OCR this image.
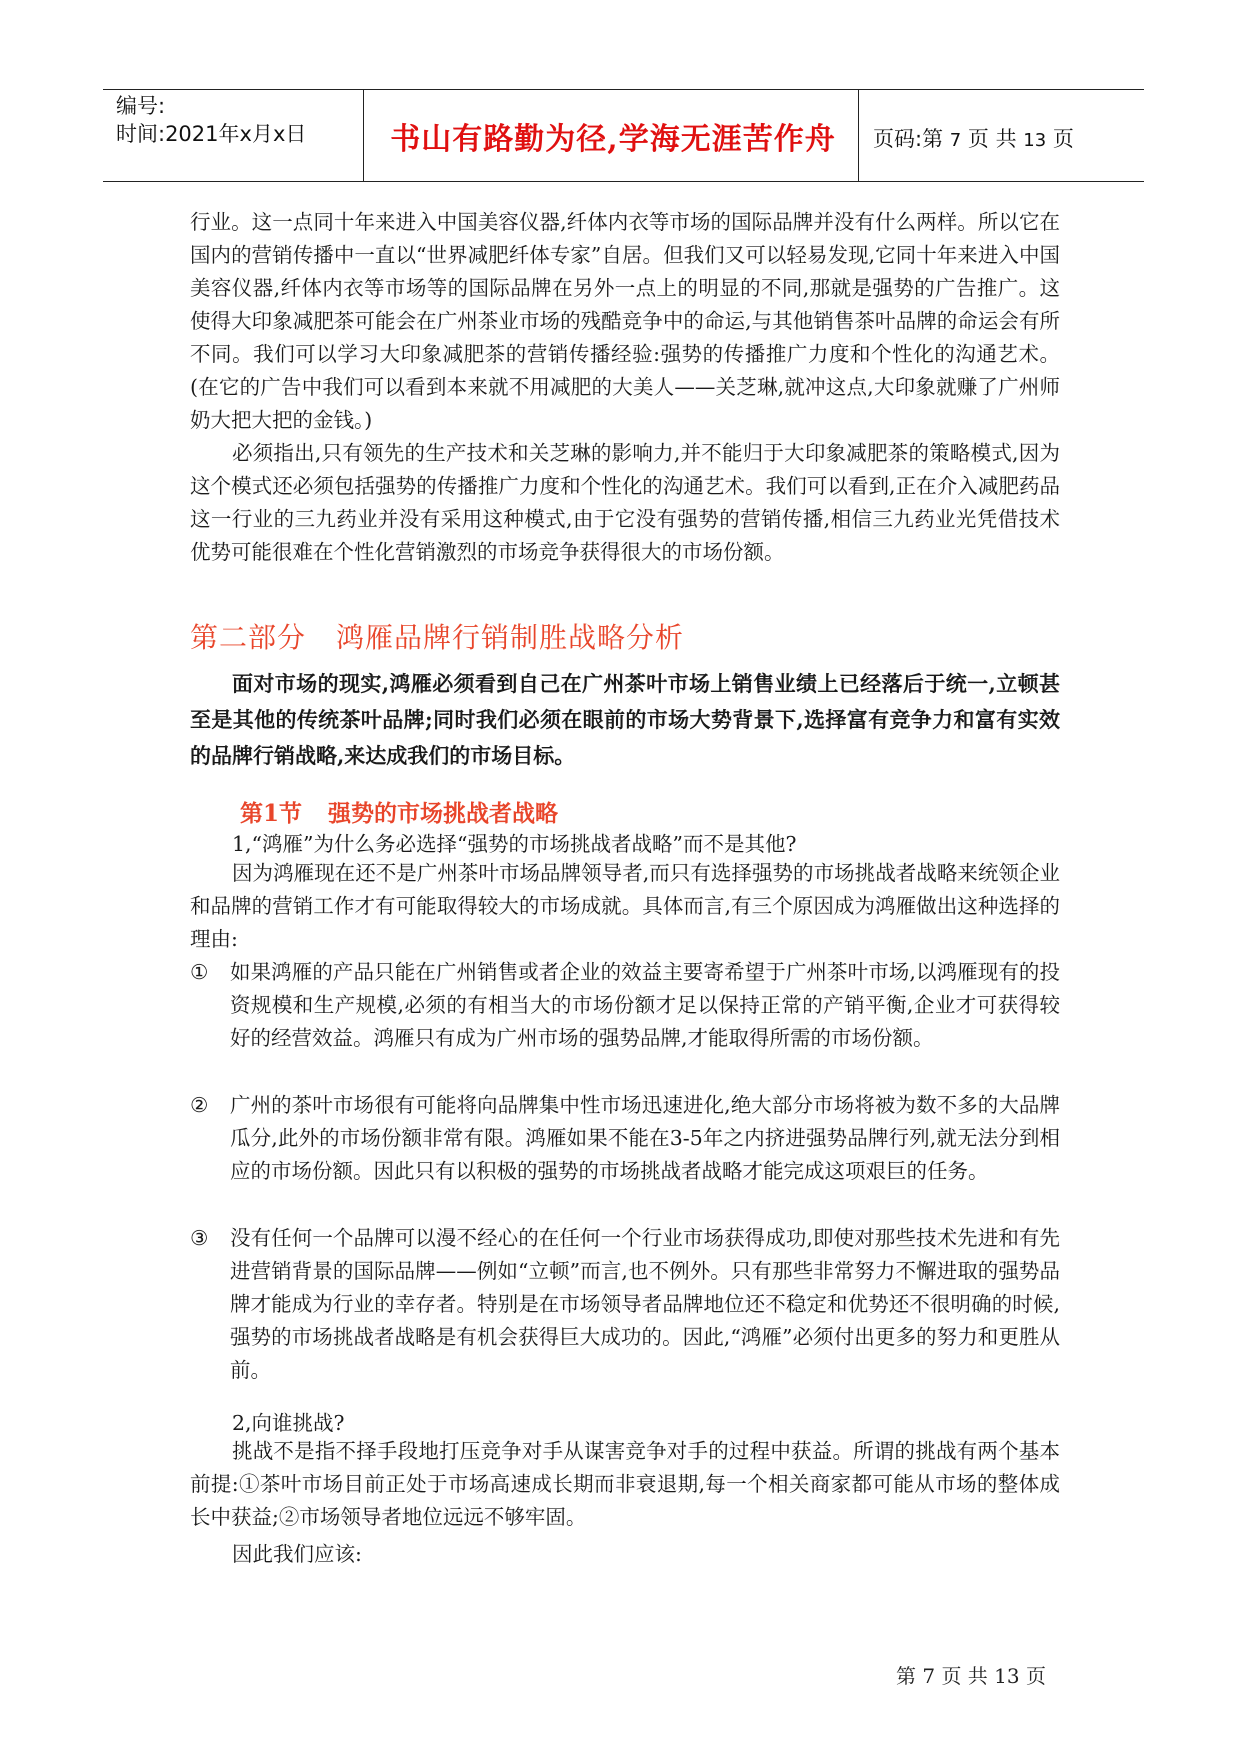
编号:
时间:2021年x月x日	书山有路勤为径,学海无涯苦作舟	页码:第 7 页 共 13 页

行业。这一点同十年来进入中国美容仪器,纤体内衣等市场的国际品牌并没有什么两样。所以它在国内的营销传播中一直以“世界减肥纤体专家”自居。但我们又可以轻易发现,它同十年来进入中国美容仪器,纤体内衣等市场等的国际品牌在另外一点上的明显的不同,那就是强势的广告推广。这使得大印象减肥茶可能会在广州茶业市场的残酷竞争中的命运,与其他销售茶叶品牌的命运会有所不同。我们可以学习大印象减肥茶的营销传播经验:强势的传播推广力度和个性化的沟通艺术。(在它的广告中我们可以看到本来就不用减肥的大美人——关芝琳,就冲这点,大印象就赚了广州师奶大把大把的金钱。)

必须指出,只有领先的生产技术和关芝琳的影响力,并不能归于大印象减肥茶的策略模式,因为这个模式还必须包括强势的传播推广力度和个性化的沟通艺术。我们可以看到,正在介入减肥药品这一行业的三九药业并没有采用这种模式,由于它没有强势的营销传播,相信三九药业光凭借技术优势可能很难在个性化营销激烈的市场竞争获得很大的市场份额。

第二部分 鸿雁品牌行销制胜战略分析

面对市场的现实,鸿雁必须看到自己在广州茶叶市场上销售业绩上已经落后于统一,立顿甚至是其他的传统茶叶品牌;同时我们必须在眼前的市场大势背景下,选择富有竞争力和富有实效的品牌行销战略,来达成我们的市场目标。

第1节 强势的市场挑战者战略

1,“鸿雁”为什么务必选择“强势的市场挑战者战略”而不是其他?

因为鸿雁现在还不是广州茶叶市场品牌领导者,而只有选择强势的市场挑战者战略来统领企业和品牌的营销工作才有可能取得较大的市场成就。具体而言,有三个原因成为鸿雁做出这种选择的理由:

① 如果鸿雁的产品只能在广州销售或者企业的效益主要寄希望于广州茶叶市场,以鸿雁现有的投资规模和生产规模,必须的有相当大的市场份额才足以保持正常的产销平衡,企业才可获得较好的经营效益。鸿雁只有成为广州市场的强势品牌,才能取得所需的市场份额。
② 广州的茶叶市场很有可能将向品牌集中性市场迅速进化,绝大部分市场将被为数不多的大品牌瓜分,此外的市场份额非常有限。鸿雁如果不能在3-5年之内挤进强势品牌行列,就无法分到相应的市场份额。因此只有以积极的强势的市场挑战者战略才能完成这项艰巨的任务。
③ 没有任何一个品牌可以漫不经心的在任何一个行业市场获得成功,即使对那些技术先进和有先进营销背景的国际品牌——例如“立顿”而言,也不例外。只有那些非常努力不懈进取的强势品牌才能成为行业的幸存者。特别是在市场领导者品牌地位还不稳定和优势还不很明确的时候,强势的市场挑战者战略是有机会获得巨大成功的。因此,“鸿雁”必须付出更多的努力和更胜从前。

2,向谁挑战?

挑战不是指不择手段地打压竞争对手从谋害竞争对手的过程中获益。所谓的挑战有两个基本前提:①茶叶市场目前正处于市场高速成长期而非衰退期,每一个相关商家都可能从市场的整体成长中获益;②市场领导者地位远远不够牢固。

因此我们应该:

第 7 页 共 13 页
